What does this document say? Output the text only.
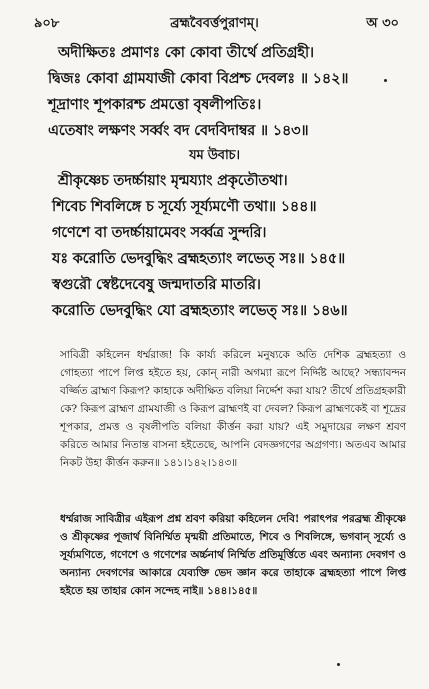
৯০৮	ব্রহ্মবৈবর্ত্তপুরাণম্‌।	অ ৩০
অদীক্ষিতঃ প্রমাণঃ কো কোবা তীর্থে প্রতিগ্রহী।
দ্বিজঃ কোবা গ্রামযাজী কোবা বিপ্রশ্চ দেবলঃ ॥ ১৪২॥
শূদ্রাণাং শূপকারশ্চ প্রমত্তো বৃষলীপতিঃ।
এতেষাং লক্ষণং সর্ব্বং বদ বেদবিদাম্বর ॥ ১৪৩॥
যম উবাচ।
শ্রীকৃষ্ণেচ তদর্চ্চায়াং মৃন্ময্যাং প্রকৃতৌতথা।
শিবেচ শিবলিঙ্গে চ সূর্য্যে সূর্য্যমণৌ তথা॥ ১৪৪॥
গণেশে বা তদর্চ্চায়ামেবং সর্ব্বত্র সুন্দরি।
যঃ করোতি ভেদবুদ্ধিং ব্রহ্মহত্যাং লভেত্‌ সঃ॥ ১৪৫॥
স্বগুরৌ স্বেষ্টদেবেষু জন্মদাতরি মাতরি।
করোতি ভেদবুদ্ধিং যো ব্রহ্মহত্যাং লভেত্‌ সঃ॥ ১৪৬॥
সাবিত্রী কহিলেন ধর্ম্মরাজ! কি কার্য্য করিলে মনুষ্যকে অতি দেশিক ব্রহ্মহত্যা ও গোহত্যা পাপে লিপ্ত হইতে হয়, কোন্‌ নারী অগম্যা রূপে নির্দ্দিষ্ট আছে? সন্ধ্যাবন্দন বর্জ্জিত ব্রাহ্মণ কিরূপ? কাহাকে অদীক্ষিত বলিয়া নির্দ্দেশ করা যায়? তীর্থে প্রতিগ্রহকারী কে? কিরূপ ব্রাহ্মণ গ্রামযাজী ও কিরূপ ব্রাহ্মণই বা দেবল? কিরূপ ব্রাহ্মণকেই বা শূদ্রের শূপকার, প্রমত্ত ও বৃষলীপতি বলিয়া কীর্ত্তন করা যায়? এই সমুদায়ের লক্ষণ শ্রবণ করিতে আমার নিতান্ত বাসনা হইতেছে, আপনি বেদজ্ঞগণের অগ্রগণ্য। অতএব আমার নিকট উহা কীর্ত্তন করুন॥ ১৪১।১৪২।১৪৩॥
ধর্ম্মরাজ সাবিত্রীর এইরূপ প্রশ্ন শ্রবণ করিয়া কহিলেন দেবি! পরাৎপর পরব্রহ্ম শ্রীকৃষ্ণে ও শ্রীকৃষ্ণের পূজার্থ বিনির্ম্মিত মৃন্ময়ী প্রতিমাতে, শিবে ও শিবলিঙ্গে, ভগবান্‌ সূর্য্যে ও সূর্য্যমণিতে, গণেশে ও গণেশের অর্চ্চনার্থ নির্ম্মিত প্রতিমূর্ত্তিতে এবং অন্যান্য দেবগণ ও অন্যান্য দেবগণের আকারে যেব্যক্তি ভেদ জ্ঞান করে তাহাকে ব্রহ্মহত্যা পাপে লিপ্ত হইতে হয় তাহার কোন সন্দেহ নাই॥ ১৪৪।১৪৫॥
